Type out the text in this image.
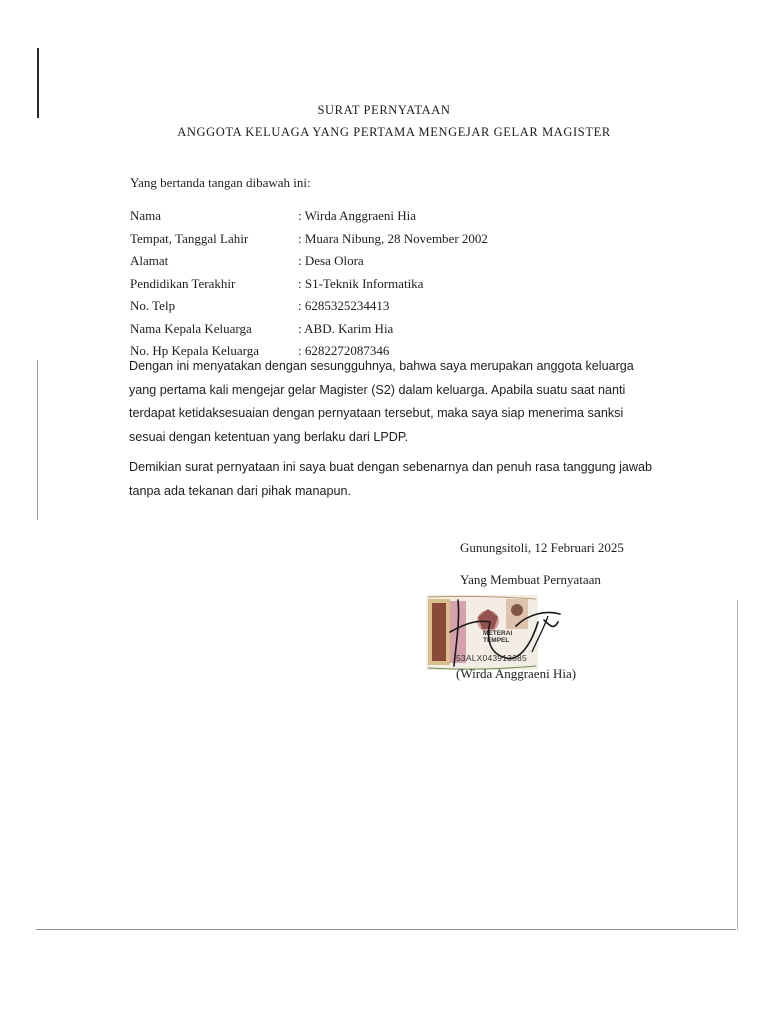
SURAT PERNYATAAN
ANGGOTA KELUAGA YANG PERTAMA MENGEJAR GELAR MAGISTER
Yang bertanda tangan dibawah ini:
Nama	: Wirda Anggraeni Hia
Tempat, Tanggal Lahir	: Muara Nibung, 28 November 2002
Alamat	: Desa Olora
Pendidikan Terakhir	: S1-Teknik Informatika
No. Telp	: 6285325234413
Nama Kepala Keluarga	: ABD. Karim Hia
No. Hp Kepala Keluarga	: 6282272087346
Dengan ini menyatakan dengan sesungguhnya, bahwa saya merupakan anggota keluarga yang pertama kali mengejar gelar Magister (S2) dalam keluarga. Apabila suatu saat nanti terdapat ketidaksesuaian dengan pernyataan tersebut, maka saya siap menerima sanksi sesuai dengan ketentuan yang berlaku dari LPDP.
Demikian surat pernyataan ini saya buat dengan sebenarnya dan penuh rasa tanggung jawab tanpa ada tekanan dari pihak manapun.
Gunungsitoli, 12 Februari 2025
Yang Membuat Pernyataan
METERAI
TEMPEL
53ALX043913385
(Wirda Anggraeni Hia)
